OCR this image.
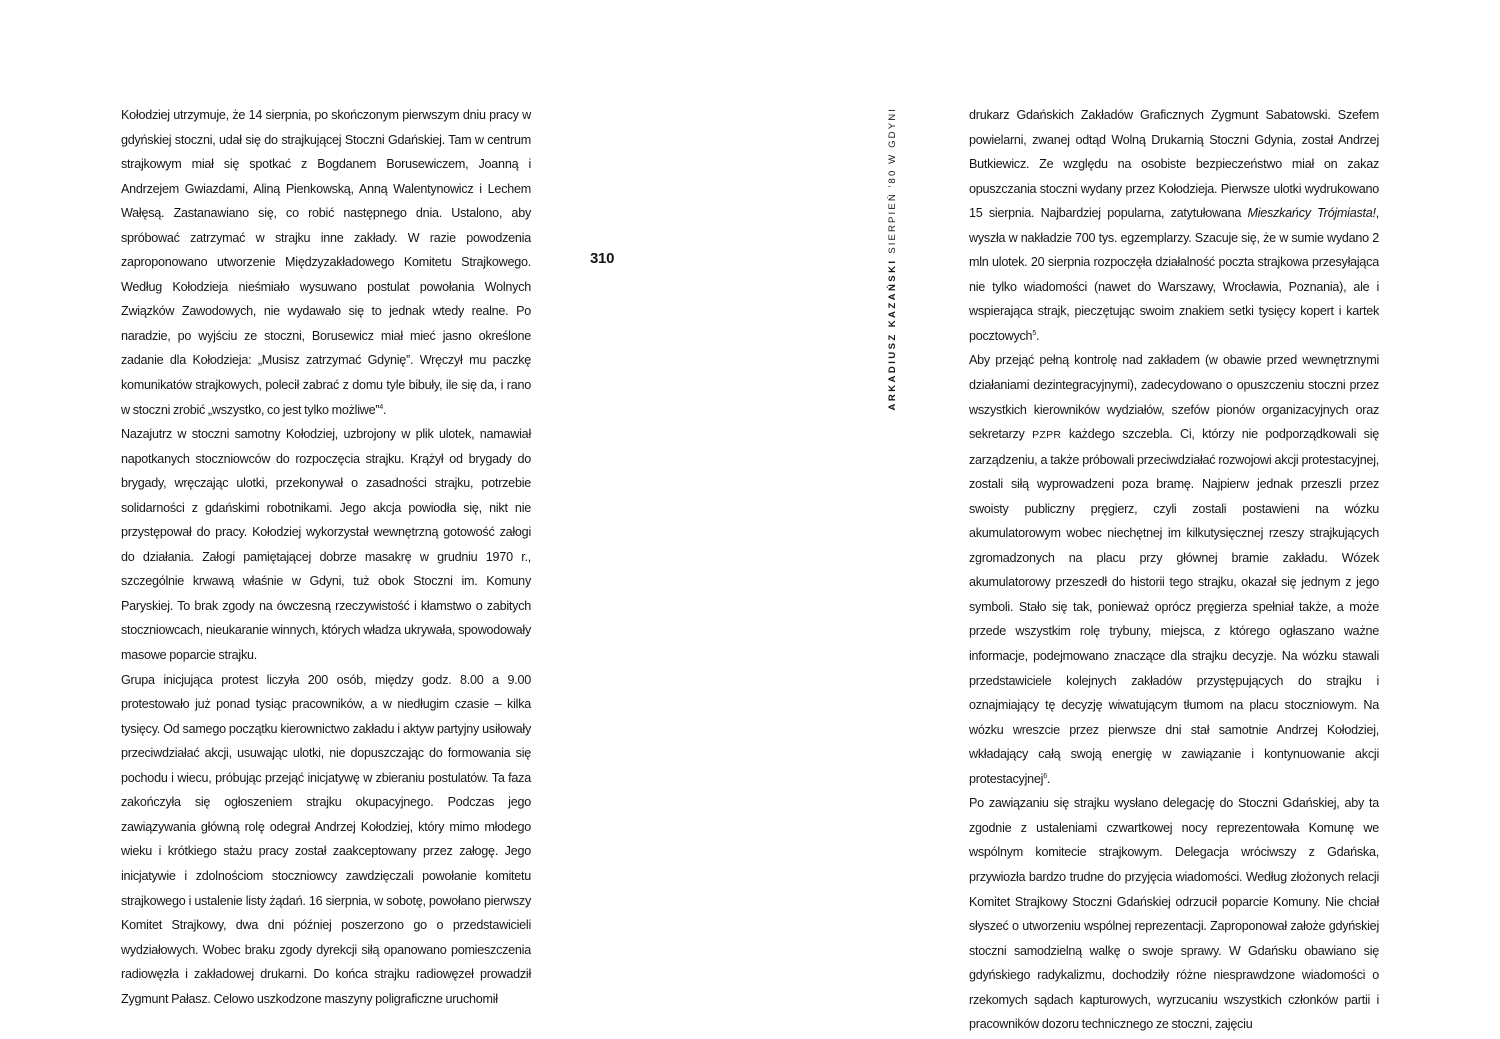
Kołodziej utrzymuje, że 14 sierpnia, po skończonym pierwszym dniu pracy w gdyńskiej stoczni, udał się do strajkującej Stoczni Gdańskiej. Tam w centrum strajkowym miał się spotkać z Bogdanem Borusewiczem, Joanną i Andrzejem Gwiazdami, Aliną Pienkowską, Anną Walentynowicz i Lechem Wałęsą. Zastanawiano się, co robić następnego dnia. Ustalono, aby spróbować zatrzymać w strajku inne zakłady. W razie powodzenia zaproponowano utworzenie Międzyzakładowego Komitetu Strajkowego. Według Kołodzieja nieśmiało wysuwano postulat powołania Wolnych Związków Zawodowych, nie wydawało się to jednak wtedy realne. Po naradzie, po wyjściu ze stoczni, Borusewicz miał mieć jasno określone zadanie dla Kołodzieja: „Musisz zatrzymać Gdynię”. Wręczył mu paczkę komunikatów strajkowych, polecił zabrać z domu tyle bibuły, ile się da, i rano w stoczni zrobić „wszystko, co jest tylko możliwe”$^4$.

Nazajutrz w stoczni samotny Kołodziej, uzbrojony w plik ulotek, namawiał napotkanych stoczniowców do rozpoczęcia strajku. Krążył od brygady do brygady, wręczając ulotki, przekonywał o zasadności strajku, potrzebie solidarności z gdańskimi robotnikami. Jego akcja powiodła się, nikt nie przystępował do pracy. Kołodziej wykorzystał wewnętrzną gotowość załogi do działania. Załogi pamiętającej dobrze masakrę w grudniu 1970 r., szczególnie krwawą właśnie w Gdyni, tuż obok Stoczni im. Komuny Paryskiej. To brak zgody na ówczesną rzeczywistość i kłamstwo o zabitych stoczniowcach, nieukaranie winnych, których władza ukrywała, spowodowały masowe poparcie strajku.

Grupa inicjująca protest liczyła 200 osób, między godz. 8.00 a 9.00 protestowało już ponad tysiąc pracowników, a w niedługim czasie – kilka tysięcy. Od samego początku kierownictwo zakładu i aktyw partyjny usiłowały przeciwdziałać akcji, usuwając ulotki, nie dopuszczając do formowania się pochodu i wiecu, próbując przejąć inicjatywę w zbieraniu postulatów. Ta faza zakończyła się ogłoszeniem strajku okupacyjnego. Podczas jego zawiązywania główną rolę odegrał Andrzej Kołodziej, który mimo młodego wieku i krótkiego stażu pracy został zaakceptowany przez załogę. Jego inicjatywie i zdolnościom stoczniowcy zawdzięczali powołanie komitetu strajkowego i ustalenie listy żądań. 16 sierpnia, w sobotę, powołano pierwszy Komitet Strajkowy, dwa dni później poszerzono go o przedstawicieli wydziałowych. Wobec braku zgody dyrekcji siłą opanowano pomieszczenia radiowęzła i zakładowej drukarni. Do końca strajku radiowęzeł prowadził Zygmunt Pałasz. Celowo uszkodzone maszyny poligraficzne uruchomił

310	ARKADIUSZ KAZAŃSKI SIERPIEŃ '80 W GDYNI	drukarz Gdańskich Zakładów Graficznych Zygmunt Sabatowski. Szefem powielarni, zwanej odtąd Wolną Drukarnią Stoczni Gdynia, został Andrzej Butkiewicz. Ze względu na osobiste bezpieczeństwo miał on zakaz opuszczania stoczni wydany przez Kołodzieja. Pierwsze ulotki wydrukowano 15 sierpnia. Najbardziej popularna, zatytułowana Mieszkańcy Trójmiasta!, wyszła w nakładzie 700 tys. egzemplarzy. Szacuje się, że w sumie wydano 2 mln ulotek. 20 sierpnia rozpoczęła działalność poczta strajkowa przesyłająca nie tylko wiadomości (nawet do Warszawy, Wrocławia, Poznania), ale i wspierająca strajk, pieczętując swoim znakiem setki tysięcy kopert i kartek pocztowych$^5$.

Aby przejąć pełną kontrolę nad zakładem (w obawie przed wewnętrznymi działaniami dezintegracyjnymi), zadecydowano o opuszczeniu stoczni przez wszystkich kierowników wydziałów, szefów pionów organizacyjnych oraz sekretarzy PZPR każdego szczebla. Ci, którzy nie podporządkowali się zarządzeniu, a także próbowali przeciwdziałać rozwojowi akcji protestacyjnej, zostali siłą wyprowadzeni poza bramę. Najpierw jednak przeszli przez swoisty publiczny pręgierz, czyli zostali postawieni na wózku akumulatorowym wobec niechętnej im kilkutysięcznej rzeszy strajkujących zgromadzonych na placu przy głównej bramie zakładu. Wózek akumulatorowy przeszedł do historii tego strajku, okazał się jednym z jego symboli. Stało się tak, ponieważ oprócz pręgierza spełniał także, a może przede wszystkim rolę trybuny, miejsca, z którego ogłaszano ważne informacje, podejmowano znaczące dla strajku decyzje. Na wózku stawali przedstawiciele kolejnych zakładów przystępujących do strajku i oznajmiający tę decyzję wiwatującym tłumom na placu stoczniowym. Na wózku wreszcie przez pierwsze dni stał samotnie Andrzej Kołodziej, wkładający całą swoją energię w zawiązanie i kontynuowanie akcji protestacyjnej$^6$.

Po zawiązaniu się strajku wysłano delegację do Stoczni Gdańskiej, aby ta zgodnie z ustaleniami czwartkowej nocy reprezentowała Komunę we wspólnym komitecie strajkowym. Delegacja wróciwszy z Gdańska, przywiozła bardzo trudne do przyjęcia wiadomości. Według złożonych relacji Komitet Strajkowy Stoczni Gdańskiej odrzucił poparcie Komuny. Nie chciał słyszeć o utworzeniu wspólnej reprezentacji. Zaproponował założe gdyńskiej stoczni samodzielną walkę o swoje sprawy. W Gdańsku obawiano się gdyńskiego radykalizmu, dochodziły różne niesprawdzone wiadomości o rzekomych sądach kapturowych, wyrzucaniu wszystkich członków partii i pracowników dozoru technicznego ze stoczni, zajęciu
